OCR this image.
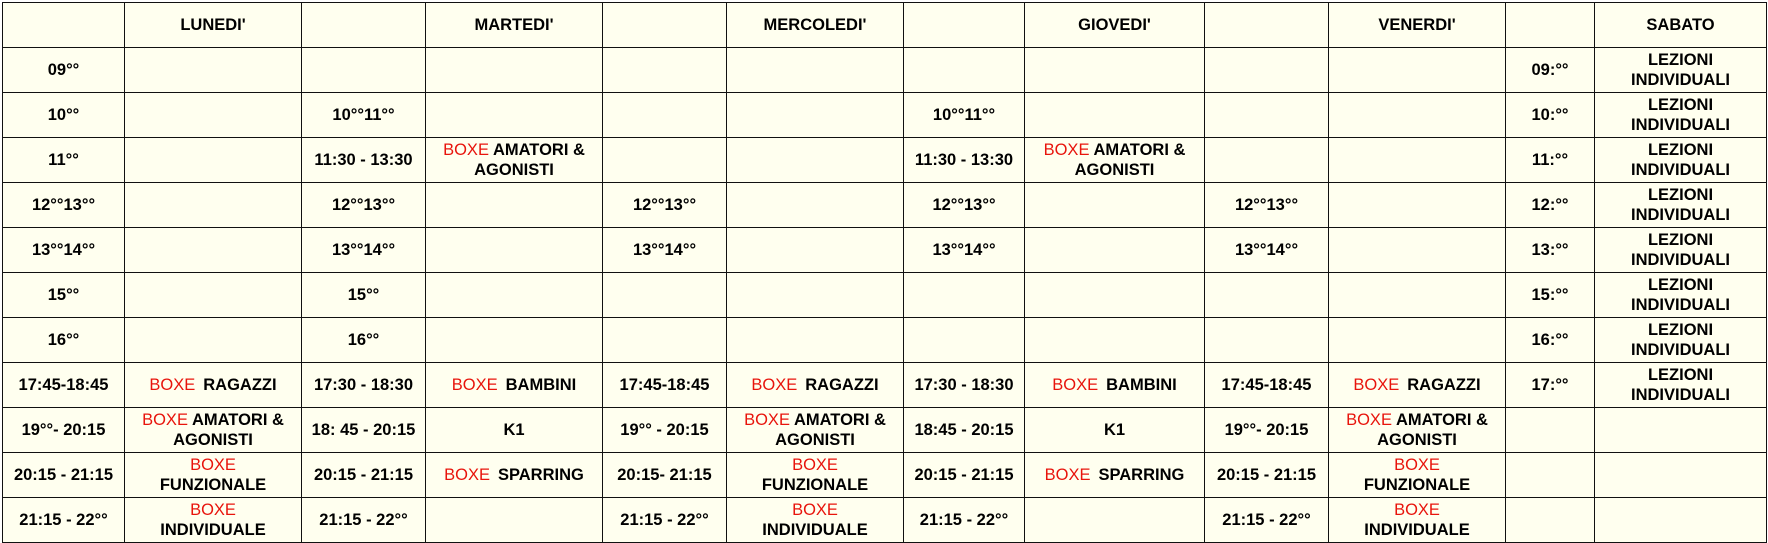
	LUNEDI'		MARTEDI'		MERCOLEDI'		GIOVEDI'		VENERDI'		SABATO
09°°										09:°°	LEZIONI
INDIVIDUALI
10°°		10°°11°°				10°°11°°				10:°°	LEZIONI
INDIVIDUALI
11°°		11:30 - 13:30	BOXE AMATORI &
AGONISTI			11:30 - 13:30	BOXE AMATORI &
AGONISTI			11:°°	LEZIONI
INDIVIDUALI
12°°13°°		12°°13°°		12°°13°°		12°°13°°		12°°13°°		12:°°	LEZIONI
INDIVIDUALI
13°°14°°		13°°14°°		13°°14°°		13°°14°°		13°°14°°		13:°°	LEZIONI
INDIVIDUALI
15°°		15°°								15:°°	LEZIONI
INDIVIDUALI
16°°		16°°								16:°°	LEZIONI
INDIVIDUALI
17:45-18:45	BOXE RAGAZZI	17:30 - 18:30	BOXE BAMBINI	17:45-18:45	BOXE RAGAZZI	17:30 - 18:30	BOXE BAMBINI	17:45-18:45	BOXE RAGAZZI	17:°°	LEZIONI
INDIVIDUALI
19°°- 20:15	BOXE AMATORI &
AGONISTI	18: 45 - 20:15	K1	19°° - 20:15	BOXE AMATORI &
AGONISTI	18:45 - 20:15	K1	19°°- 20:15	BOXE AMATORI &
AGONISTI		
20:15 - 21:15	BOXE
FUNZIONALE	20:15 - 21:15	BOXE SPARRING	20:15- 21:15	BOXE
FUNZIONALE	20:15 - 21:15	BOXE SPARRING	20:15 - 21:15	BOXE
FUNZIONALE		
21:15 - 22°°	BOXE
INDIVIDUALE	21:15 - 22°°		21:15 - 22°°	BOXE
INDIVIDUALE	21:15 - 22°°		21:15 - 22°°	BOXE
INDIVIDUALE		
